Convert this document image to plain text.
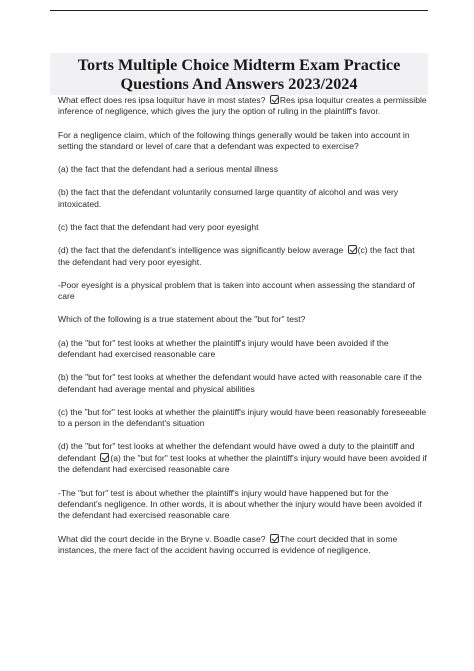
Torts Multiple Choice Midterm Exam Practice
Questions And Answers 2023/2024

What effect does res ipsa loquitur have in most states? Res ipsa loquitur creates a permissible inference of negligence, which gives the jury the option of ruling in the plaintiff's favor.

For a negligence claim, which of the following things generally would be taken into account in setting the standard or level of care that a defendant was expected to exercise?

(a) the fact that the defendant had a serious mental illness

(b) the fact that the defendant voluntarily consumed large quantity of alcohol and was very intoxicated.

(c) the fact that the defendant had very poor eyesight

(d) the fact that the defendant's intelligence was significantly below average (c) the fact that the defendant had very poor eyesight.

-Poor eyesight is a physical problem that is taken into account when assessing the standard of care

Which of the following is a true statement about the "but for" test?

(a) the "but for" test looks at whether the plaintiff's injury would have been avoided if the defendant had exercised reasonable care

(b) the "but for" test looks at whether the defendant would have acted with reasonable care if the defendant had average mental and physical abilities

(c) the "but for" test looks at whether the plaintiff's injury would have been reasonably foreseeable to a person in the defendant's situation

(d) the "but for" test looks at whether the defendant would have owed a duty to the plaintiff and defendant (a) the "but for" test looks at whether the plaintiff's injury would have been avoided if the defendant had exercised reasonable care

-The "but for" test is about whether the plaintiff's injury would have happened but for the defendant's negligence. In other words, it is about whether the injury would have been avoided if the defendant had exercised reasonable care

What did the court decide in the Bryne v. Boadle case? The court decided that in some instances, the mere fact of the accident having occurred is evidence of negligence.
